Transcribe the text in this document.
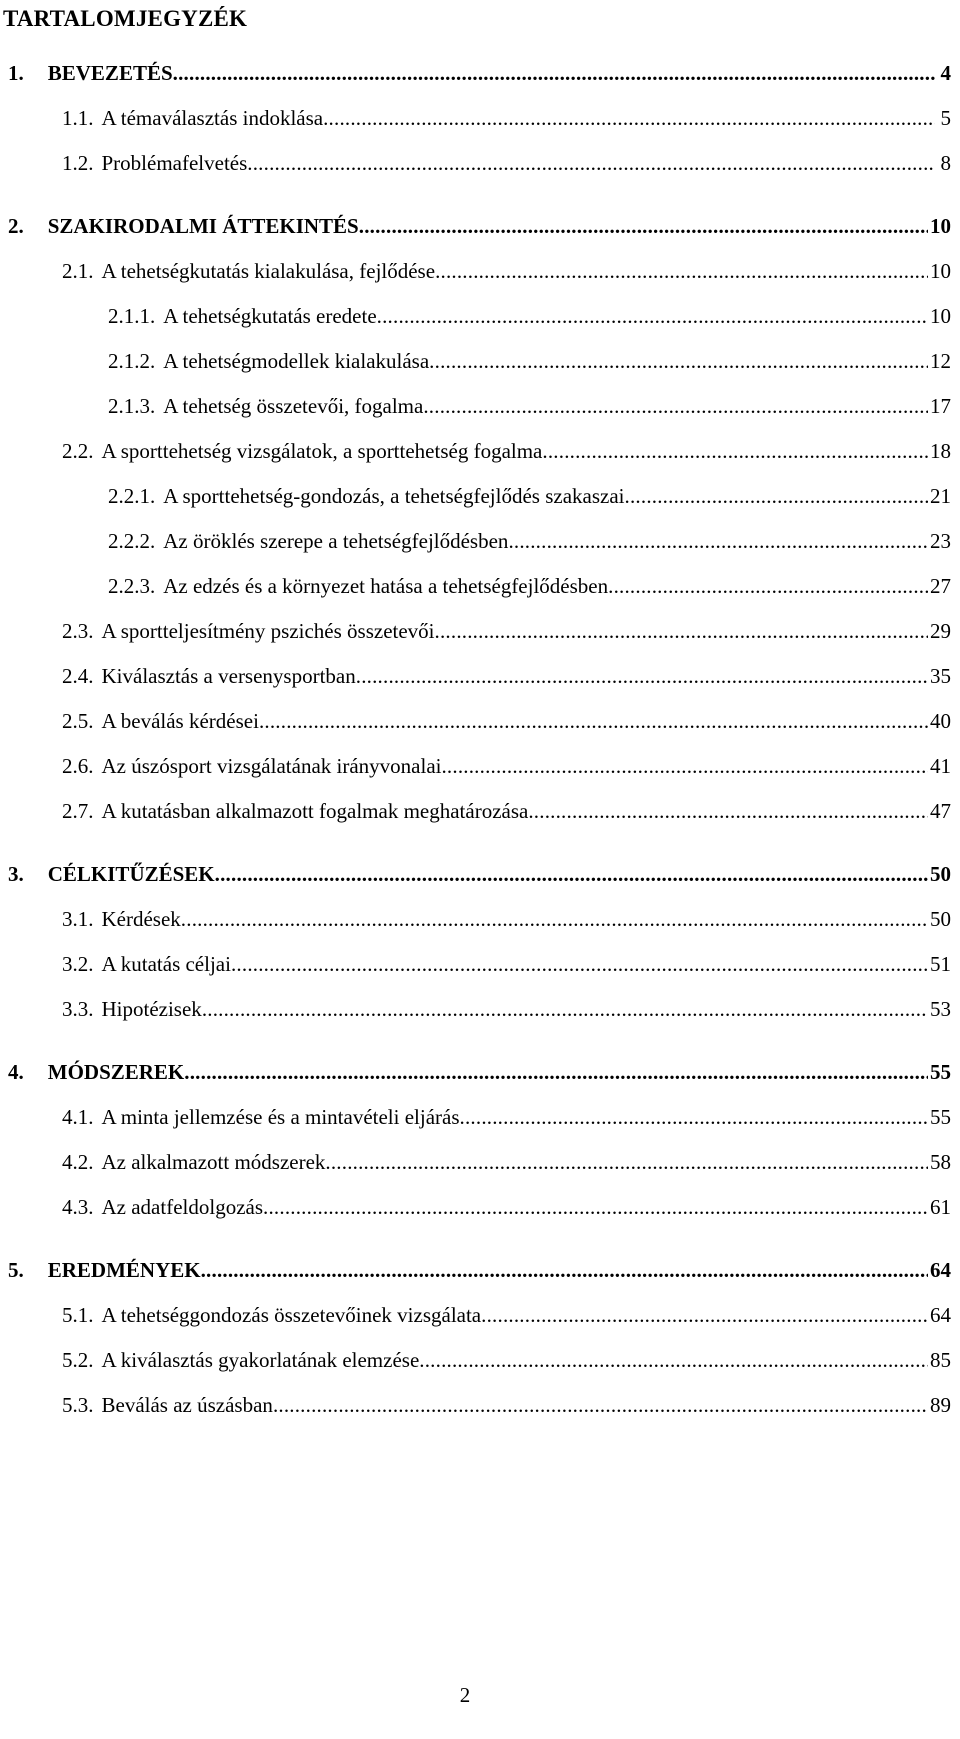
TARTALOMJEGYZÉK
1. BEVEZETÉS .....	4
1.1. A témaválasztás indoklása .....	5
1.2. Problémafelvetés .....	8
2. SZAKIRODALMI ÁTTEKINTÉS .....	10
2.1. A tehetségkutatás kialakulása, fejlődése .....	10
2.1.1. A tehetségkutatás eredete .....	10
2.1.2. A tehetségmodellek kialakulása .....	12
2.1.3. A tehetség összetevői, fogalma .....	17
2.2. A sporttehetség vizsgálatok, a sporttehetség fogalma .....	18
2.2.1. A sporttehetség-gondozás, a tehetségfejlődés szakaszai .....	21
2.2.2. Az öröklés szerepe a tehetségfejlődésben .....	23
2.2.3. Az edzés és a környezet hatása a tehetségfejlődésben .....	27
2.3. A sportteljesítmény pszichés összetevői .....	29
2.4. Kiválasztás a versenysportban .....	35
2.5. A beválás kérdései .....	40
2.6. Az úszósport vizsgálatának irányvonalai .....	41
2.7. A kutatásban alkalmazott fogalmak meghatározása .....	47
3. CÉLKITŰZÉSEK .....	50
3.1. Kérdések .....	50
3.2. A kutatás céljai .....	51
3.3. Hipotézisek .....	53
4. MÓDSZEREK .....	55
4.1. A minta jellemzése és a mintavételi eljárás .....	55
4.2. Az alkalmazott módszerek .....	58
4.3. Az adatfeldolgozás .....	61
5. EREDMÉNYEK .....	64
5.1. A tehetséggondozás összetevőinek vizsgálata .....	64
5.2. A kiválasztás gyakorlatának elemzése .....	85
5.3. Beválás az úszásban .....	89
2
